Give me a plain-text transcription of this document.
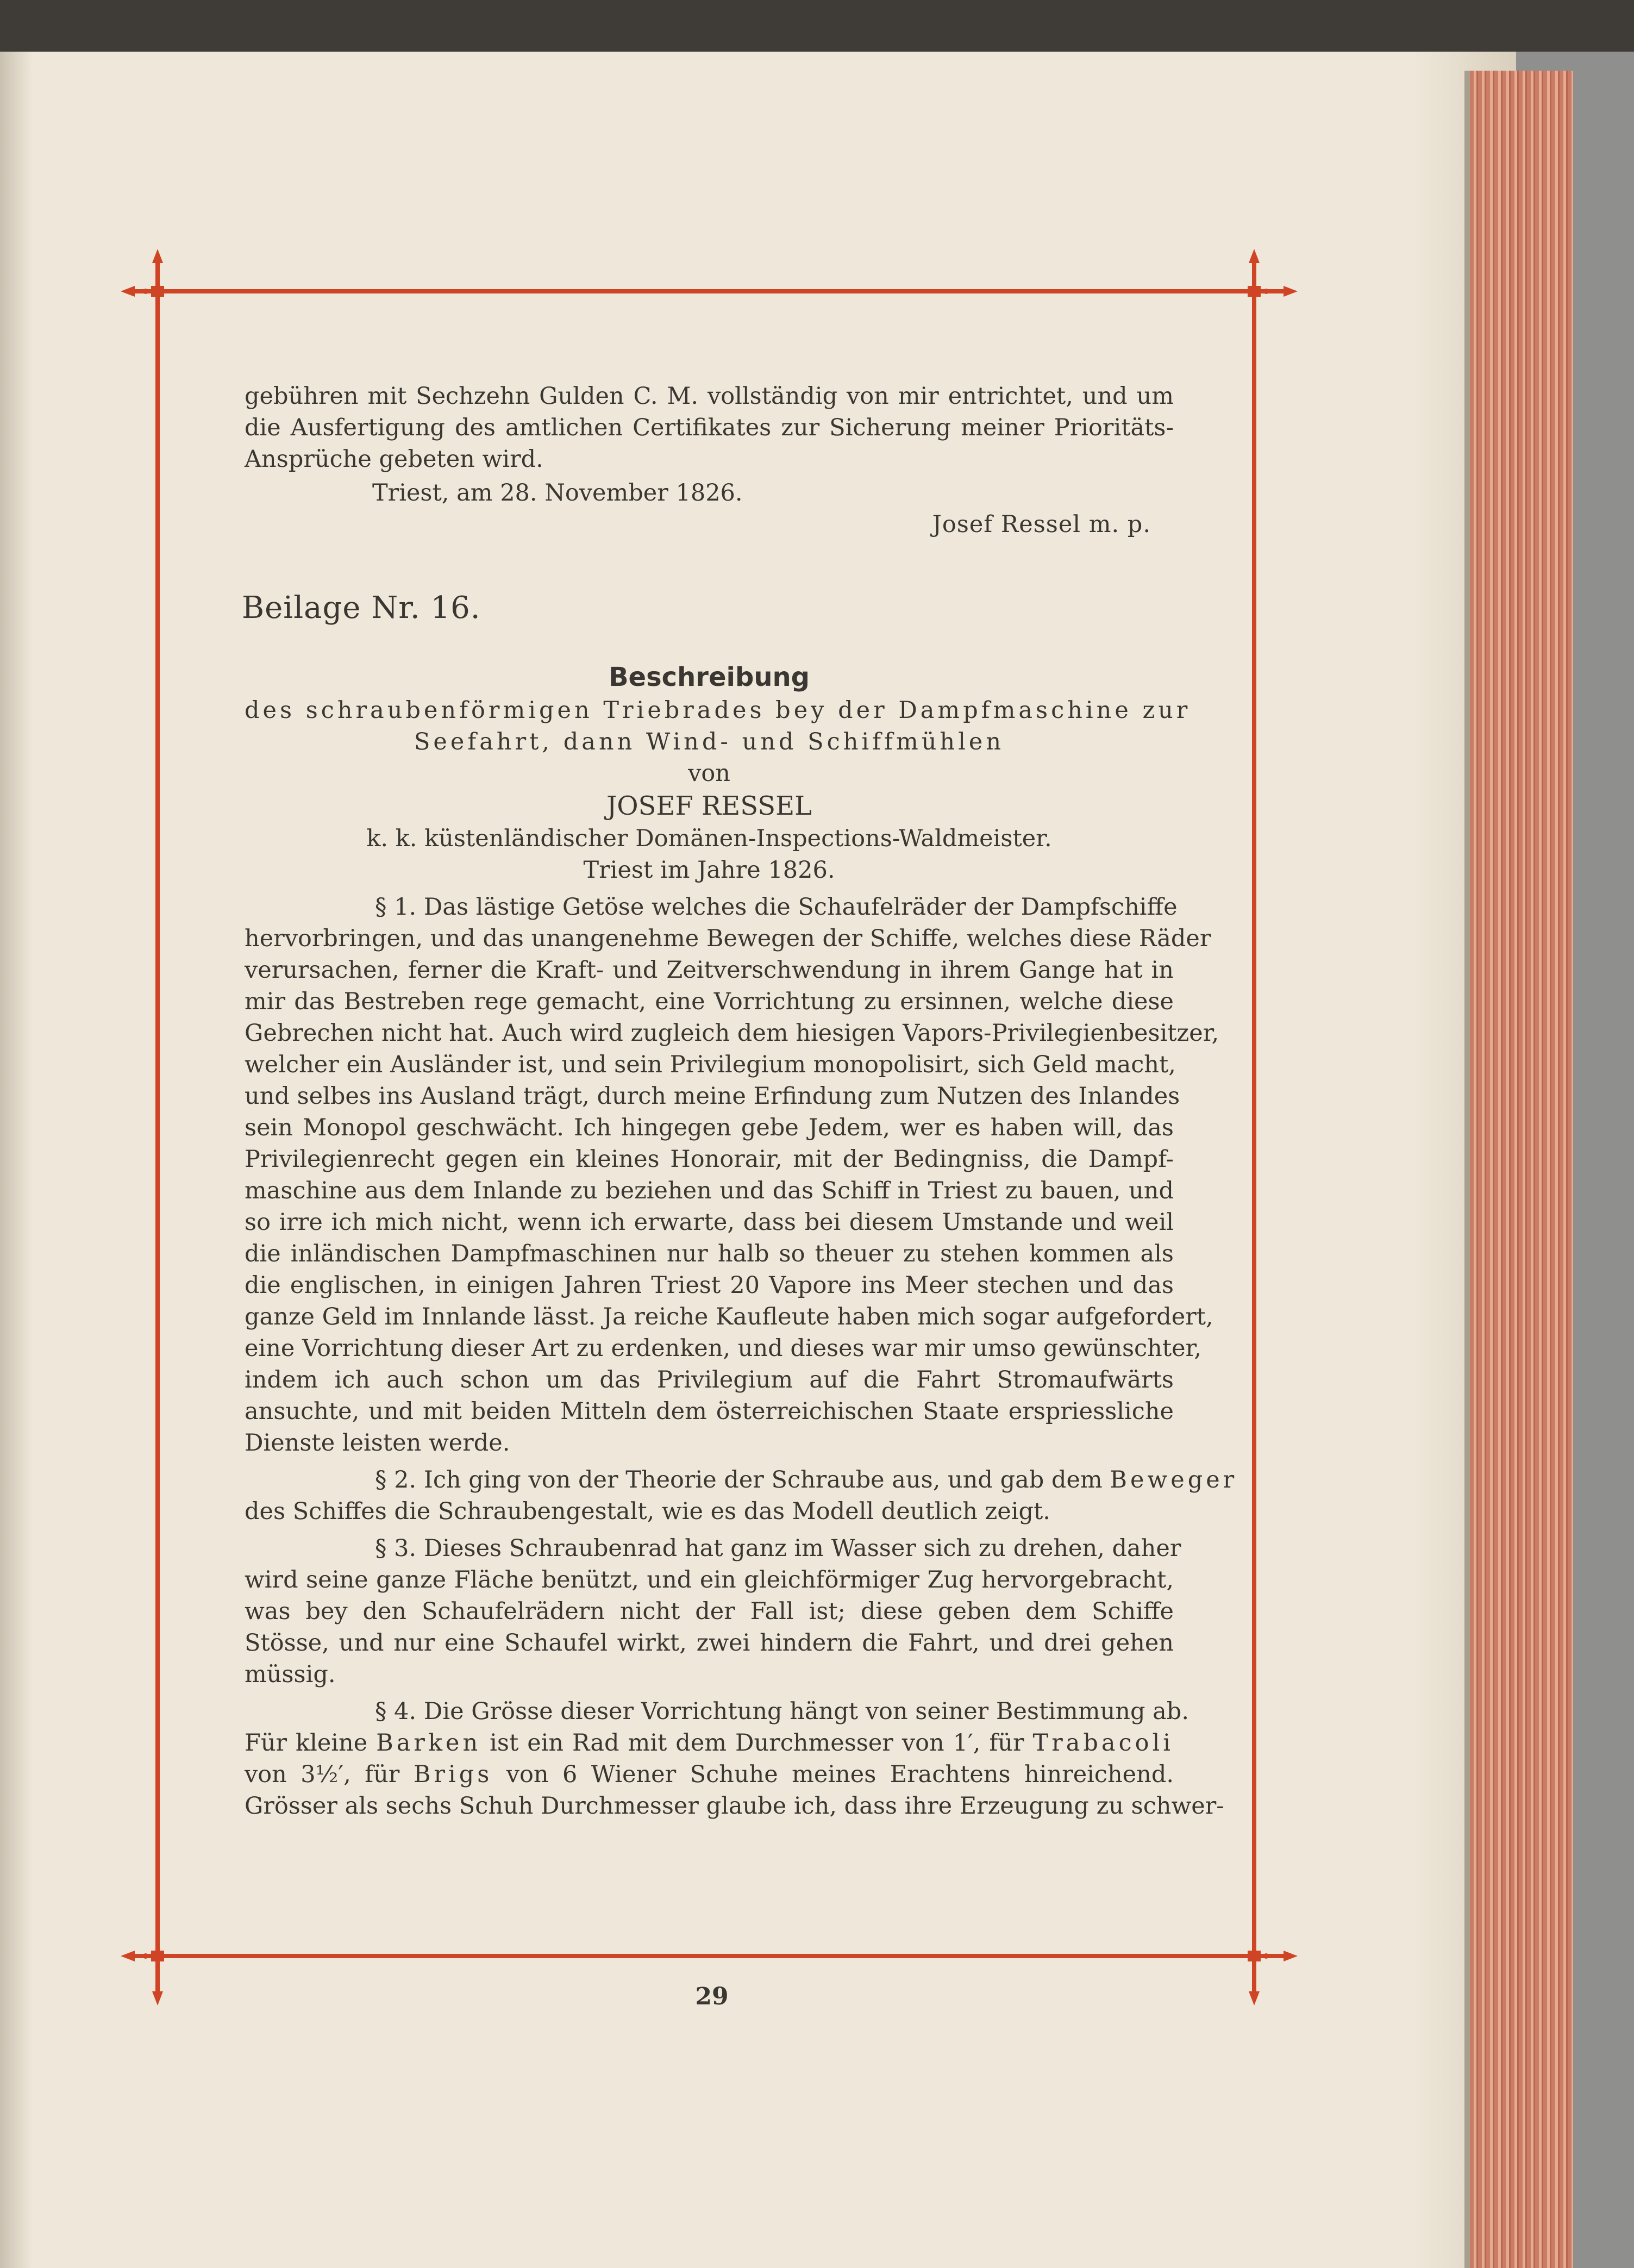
gebühren mit Sechzehn Gulden C. M. vollständig von mir entrichtet, und um
die Ausfertigung des amtlichen Certifikates zur Sicherung meiner Prioritäts-
Ansprüche gebeten wird.
Triest, am 28. November 1826.
Josef Ressel m. p.
Beilage Nr. 16.
Beschreibung
des schraubenförmigen Triebrades bey der Dampfmaschine zur
Seefahrt, dann Wind- und Schiffmühlen
von
JOSEF RESSEL
k. k. küstenländischer Domänen-Inspections-Waldmeister.
Triest im Jahre 1826.
§ 1. Das lästige Getöse welches die Schaufelräder der Dampfschiffe
hervorbringen, und das unangenehme Bewegen der Schiffe, welches diese Räder
verursachen, ferner die Kraft- und Zeitverschwendung in ihrem Gange hat in
mir das Bestreben rege gemacht, eine Vorrichtung zu ersinnen, welche diese
Gebrechen nicht hat. Auch wird zugleich dem hiesigen Vapors-Privilegienbesitzer,
welcher ein Ausländer ist, und sein Privilegium monopolisirt, sich Geld macht,
und selbes ins Ausland trägt, durch meine Erfindung zum Nutzen des Inlandes
sein Monopol geschwächt. Ich hingegen gebe Jedem, wer es haben will, das
Privilegienrecht gegen ein kleines Honorair, mit der Bedingniss, die Dampf-
maschine aus dem Inlande zu beziehen und das Schiff in Triest zu bauen, und
so irre ich mich nicht, wenn ich erwarte, dass bei diesem Umstande und weil
die inländischen Dampfmaschinen nur halb so theuer zu stehen kommen als
die englischen, in einigen Jahren Triest 20 Vapore ins Meer stechen und das
ganze Geld im Innlande lässt. Ja reiche Kaufleute haben mich sogar aufgefordert,
eine Vorrichtung dieser Art zu erdenken, und dieses war mir umso gewünschter,
indem ich auch schon um das Privilegium auf die Fahrt Stromaufwärts
ansuchte, und mit beiden Mitteln dem österreichischen Staate erspriessliche
Dienste leisten werde.
§ 2. Ich ging von der Theorie der Schraube aus, und gab dem Beweger
des Schiffes die Schraubengestalt, wie es das Modell deutlich zeigt.
§ 3. Dieses Schraubenrad hat ganz im Wasser sich zu drehen, daher
wird seine ganze Fläche benützt, und ein gleichförmiger Zug hervorgebracht,
was bey den Schaufelrädern nicht der Fall ist; diese geben dem Schiffe
Stösse, und nur eine Schaufel wirkt, zwei hindern die Fahrt, und drei gehen
müssig.
§ 4. Die Grösse dieser Vorrichtung hängt von seiner Bestimmung ab.
Für kleine Barken ist ein Rad mit dem Durchmesser von 1′, für Trabacoli
von 3½′, für Brigs von 6 Wiener Schuhe meines Erachtens hinreichend.
Grösser als sechs Schuh Durchmesser glaube ich, dass ihre Erzeugung zu schwer-
29
